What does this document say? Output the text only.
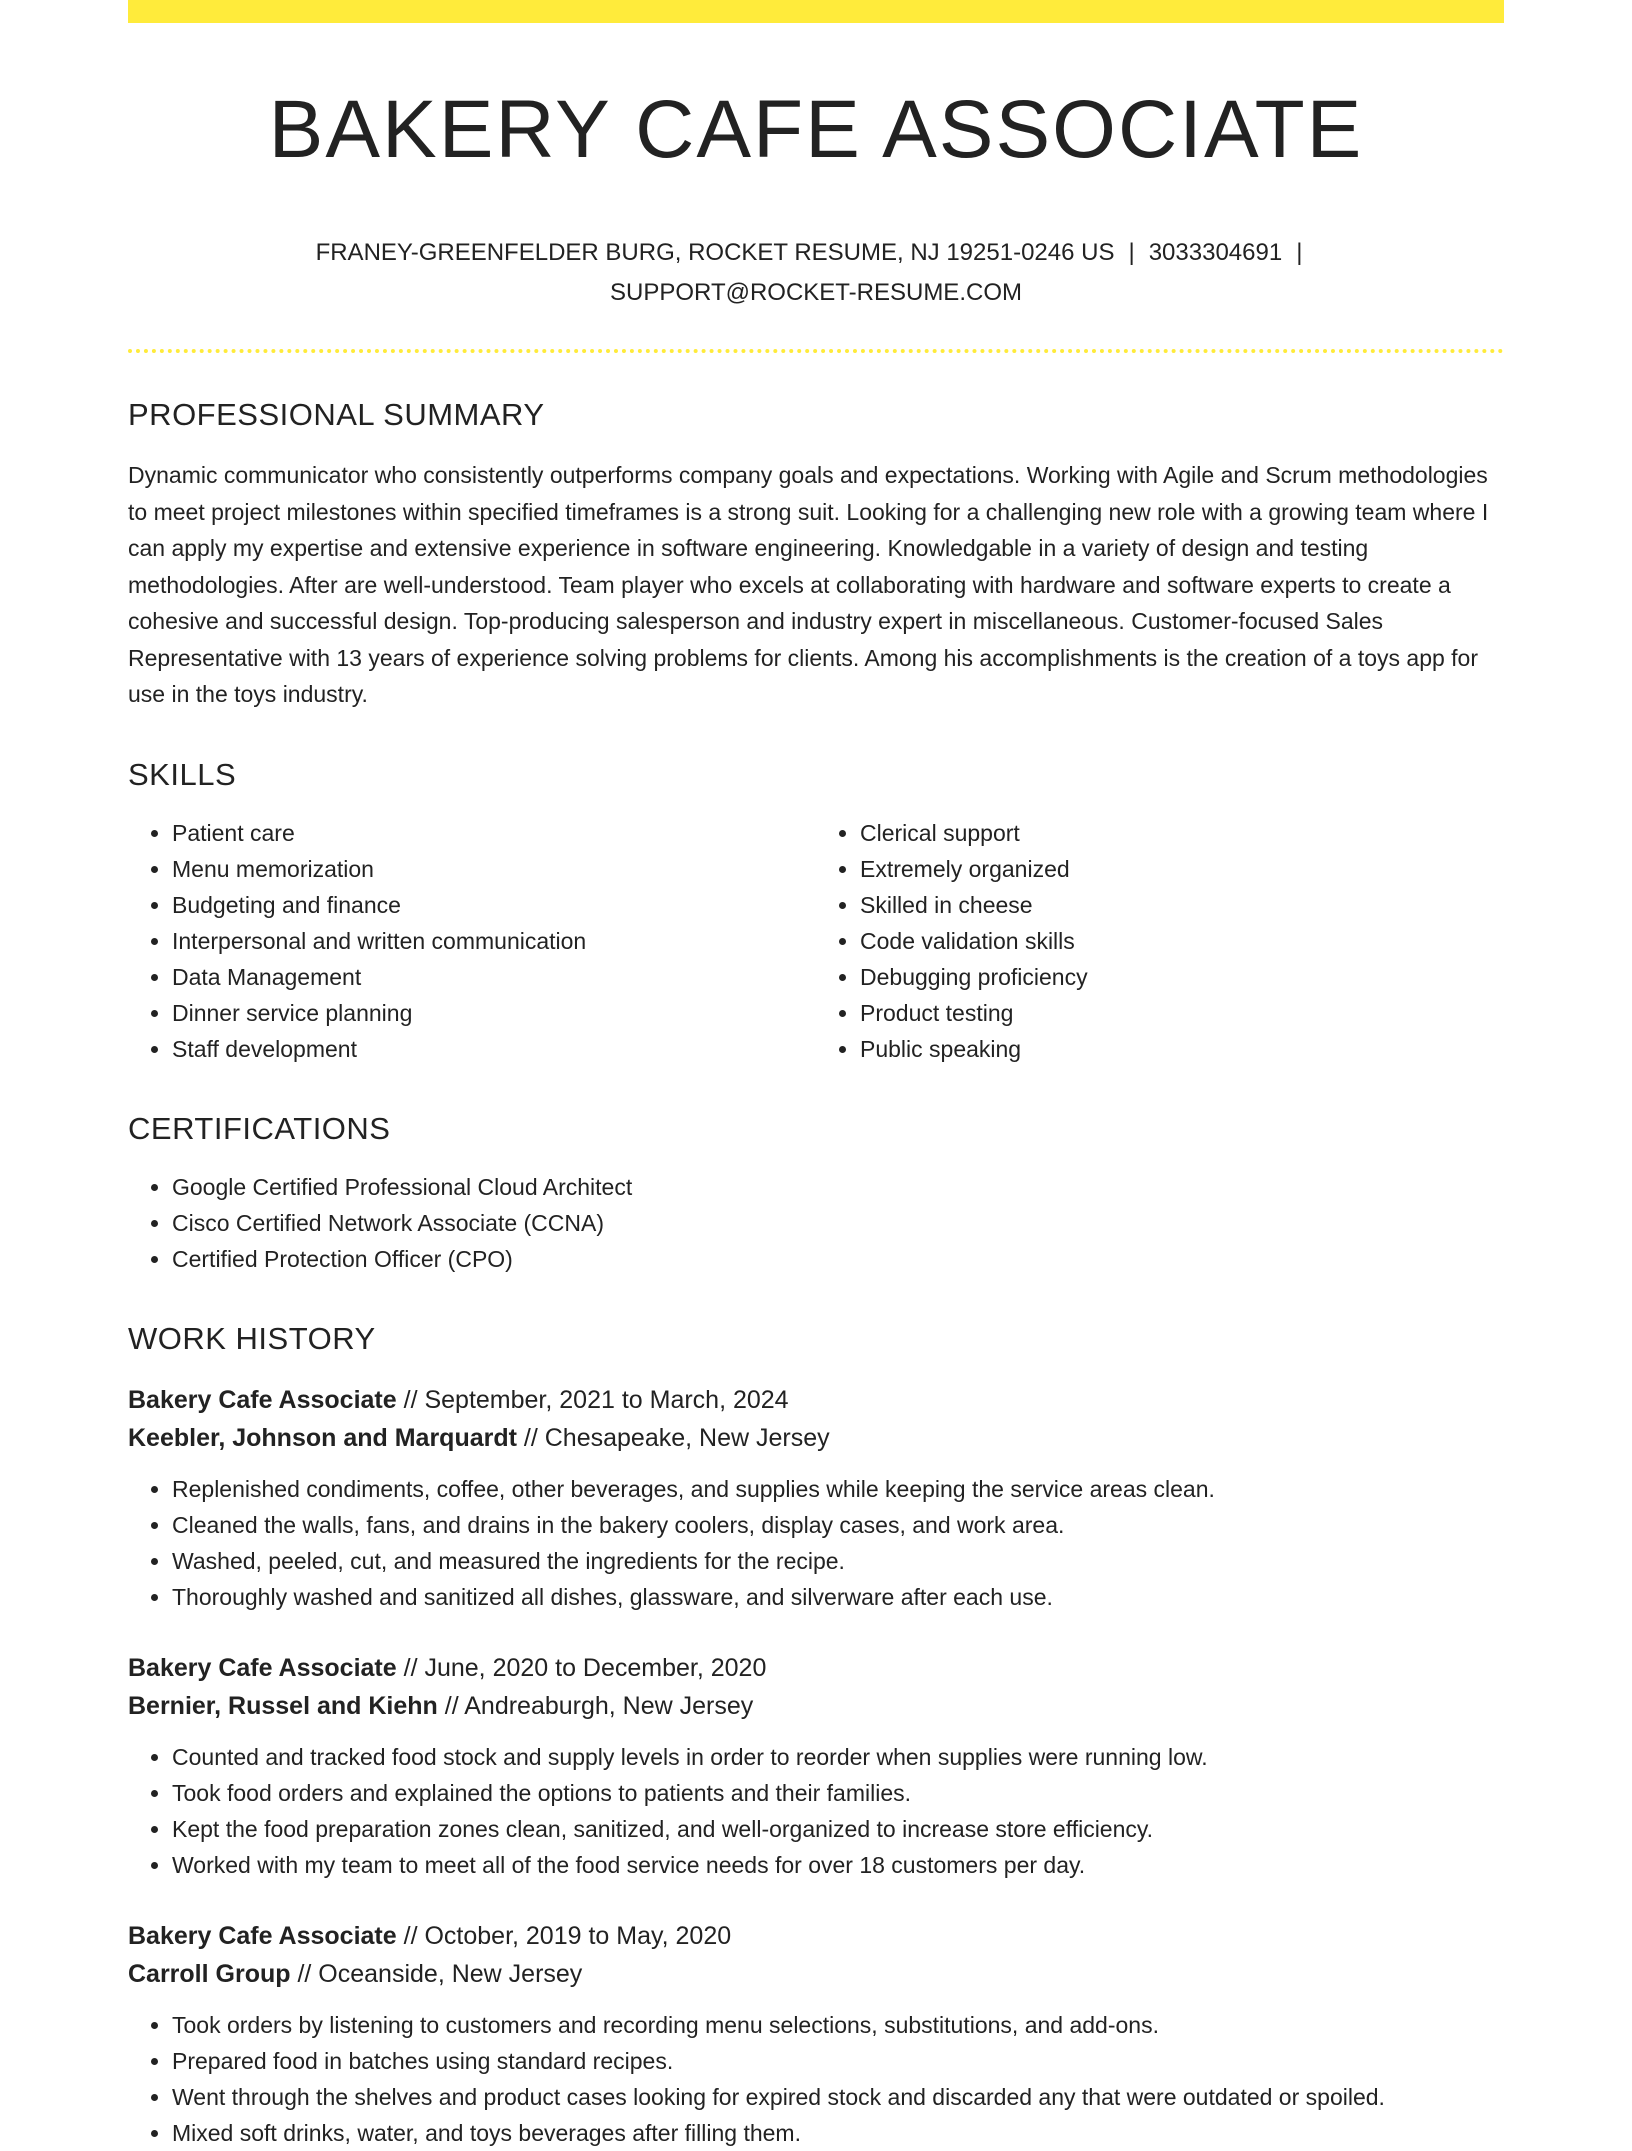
BAKERY CAFE ASSOCIATE
FRANEY-GREENFELDER BURG, ROCKET RESUME, NJ 19251-0246 US | 3033304691 |
SUPPORT@ROCKET-RESUME.COM
PROFESSIONAL SUMMARY

Dynamic communicator who consistently outperforms company goals and expectations. Working with Agile and Scrum methodologies to meet project milestones within specified timeframes is a strong suit. Looking for a challenging new role with a growing team where I can apply my expertise and extensive experience in software engineering. Knowledgable in a variety of design and testing methodologies. After are well-understood. Team player who excels at collaborating with hardware and software experts to create a cohesive and successful design. Top-producing salesperson and industry expert in miscellaneous. Customer-focused Sales Representative with 13 years of experience solving problems for clients. Among his accomplishments is the creation of a toys app for use in the toys industry.

SKILLS
• Patient care
• Menu memorization
• Budgeting and finance
• Interpersonal and written communication
• Data Management
• Dinner service planning
• Staff development
• Clerical support
• Extremely organized
• Skilled in cheese
• Code validation skills
• Debugging proficiency
• Product testing
• Public speaking
CERTIFICATIONS
• Google Certified Professional Cloud Architect
• Cisco Certified Network Associate (CCNA)
• Certified Protection Officer (CPO)
WORK HISTORY
Bakery Cafe Associate // September, 2021 to March, 2024
Keebler, Johnson and Marquardt // Chesapeake, New Jersey
• Replenished condiments, coffee, other beverages, and supplies while keeping the service areas clean.
• Cleaned the walls, fans, and drains in the bakery coolers, display cases, and work area.
• Washed, peeled, cut, and measured the ingredients for the recipe.
• Thoroughly washed and sanitized all dishes, glassware, and silverware after each use.
Bakery Cafe Associate // June, 2020 to December, 2020
Bernier, Russel and Kiehn // Andreaburgh, New Jersey
• Counted and tracked food stock and supply levels in order to reorder when supplies were running low.
• Took food orders and explained the options to patients and their families.
• Kept the food preparation zones clean, sanitized, and well-organized to increase store efficiency.
• Worked with my team to meet all of the food service needs for over 18 customers per day.
Bakery Cafe Associate // October, 2019 to May, 2020
Carroll Group // Oceanside, New Jersey
• Took orders by listening to customers and recording menu selections, substitutions, and add-ons.
• Prepared food in batches using standard recipes.
• Went through the shelves and product cases looking for expired stock and discarded any that were outdated or spoiled.
• Mixed soft drinks, water, and toys beverages after filling them.
